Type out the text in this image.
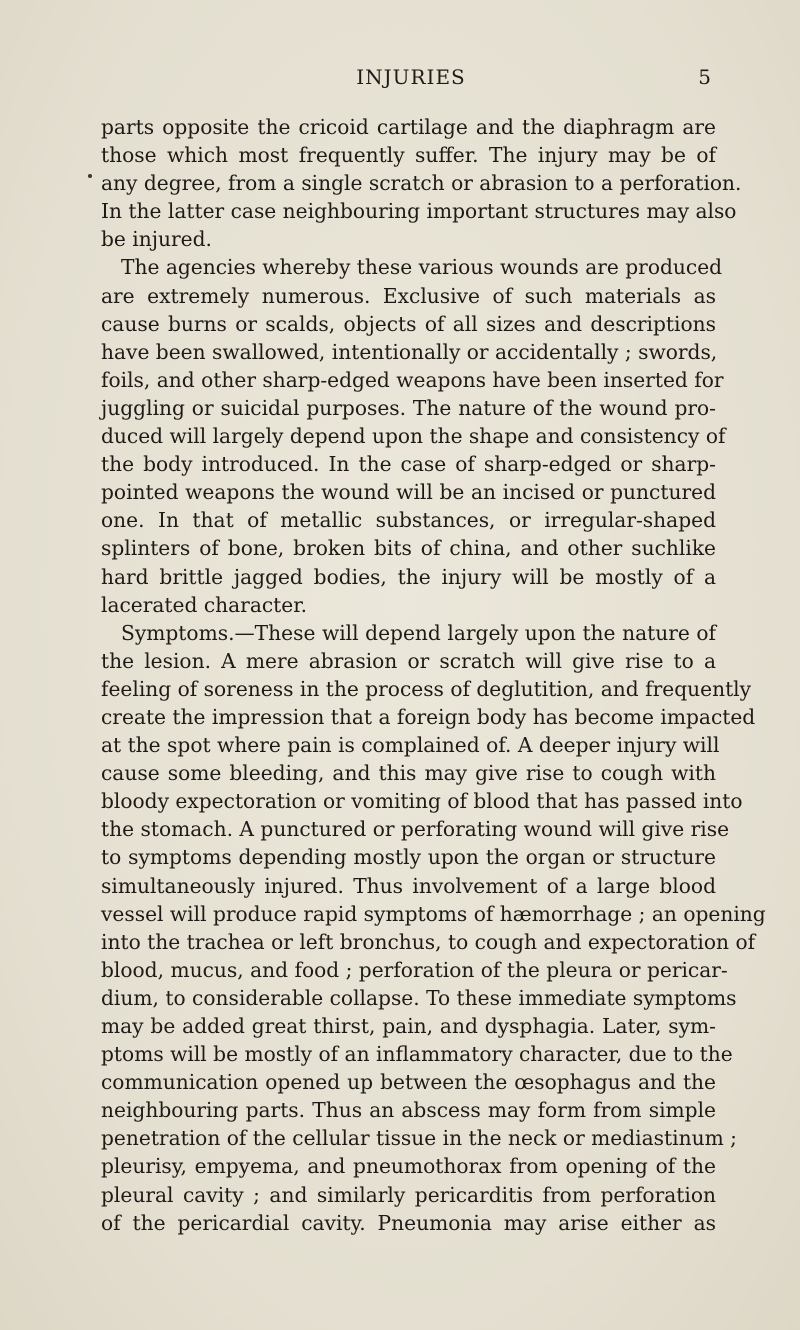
INJURIES	5
parts opposite the cricoid cartilage and the diaphragm are
those which most frequently suffer. The injury may be of
any degree, from a single scratch or abrasion to a perforation.
In the latter case neighbouring important structures may also
be injured.
The agencies whereby these various wounds are produced
are extremely numerous. Exclusive of such materials as
cause burns or scalds, objects of all sizes and descriptions
have been swallowed, intentionally or accidentally ; swords,
foils, and other sharp-edged weapons have been inserted for
juggling or suicidal purposes. The nature of the wound pro-
duced will largely depend upon the shape and consistency of
the body introduced. In the case of sharp-edged or sharp-
pointed weapons the wound will be an incised or punctured
one. In that of metallic substances, or irregular-shaped
splinters of bone, broken bits of china, and other suchlike
hard brittle jagged bodies, the injury will be mostly of a
lacerated character.
Symptoms.—These will depend largely upon the nature of
the lesion. A mere abrasion or scratch will give rise to a
feeling of soreness in the process of deglutition, and frequently
create the impression that a foreign body has become impacted
at the spot where pain is complained of. A deeper injury will
cause some bleeding, and this may give rise to cough with
bloody expectoration or vomiting of blood that has passed into
the stomach. A punctured or perforating wound will give rise
to symptoms depending mostly upon the organ or structure
simultaneously injured. Thus involvement of a large blood
vessel will produce rapid symptoms of hæmorrhage ; an opening
into the trachea or left bronchus, to cough and expectoration of
blood, mucus, and food ; perforation of the pleura or pericar-
dium, to considerable collapse. To these immediate symptoms
may be added great thirst, pain, and dysphagia. Later, sym-
ptoms will be mostly of an inflammatory character, due to the
communication opened up between the œsophagus and the
neighbouring parts. Thus an abscess may form from simple
penetration of the cellular tissue in the neck or mediastinum ;
pleurisy, empyema, and pneumothorax from opening of the
pleural cavity ; and similarly pericarditis from perforation
of the pericardial cavity. Pneumonia may arise either as
